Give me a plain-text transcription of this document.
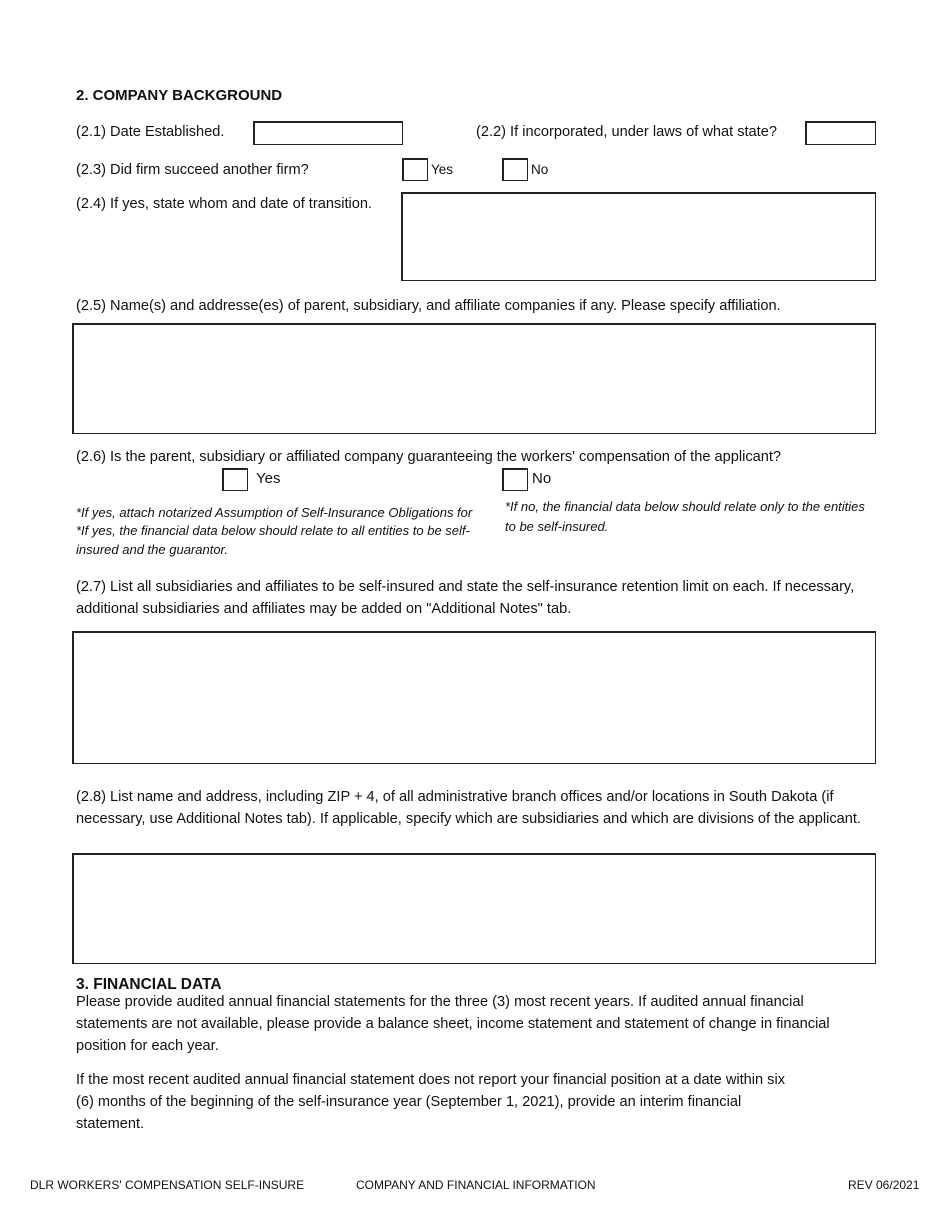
2. COMPANY BACKGROUND
(2.1) Date Established.	(2.2) If incorporated, under laws of what state?
(2.3) Did firm succeed another firm?	Yes	No
(2.4) If yes, state whom and date of transition.
(2.5) Name(s) and addresse(es) of parent, subsidiary, and affiliate companies if any. Please specify affiliation.
(2.6) Is the parent, subsidiary or affiliated company guaranteeing the workers' compensation of the applicant?
Yes	No
*If yes, attach notarized Assumption of Self-Insurance Obligations for
*If yes, the financial data below should relate to all entities to be self-insured and the guarantor.
*If no, the financial data below should relate only to the entities to be self-insured.
(2.7) List all subsidiaries and affiliates to be self-insured and state the self-insurance retention limit on each. If necessary, additional subsidiaries and affiliates may be added on "Additional Notes" tab.
(2.8) List name and address, including ZIP + 4, of all administrative branch offices and/or locations in South Dakota (if necessary, use Additional Notes tab). If applicable, specify which are subsidiaries and which are divisions of the applicant.
3. FINANCIAL DATA
Please provide audited annual financial statements for the three (3) most recent years. If audited annual financial statements are not available, please provide a balance sheet, income statement and statement of change in financial position for each year.
If the most recent audited annual financial statement does not report your financial position at a date within six (6) months of the beginning of the self-insurance year (September 1, 2021), provide an interim financial statement.
DLR WORKERS' COMPENSATION SELF-INSURE	COMPANY AND FINANCIAL INFORMATION	REV 06/2021
